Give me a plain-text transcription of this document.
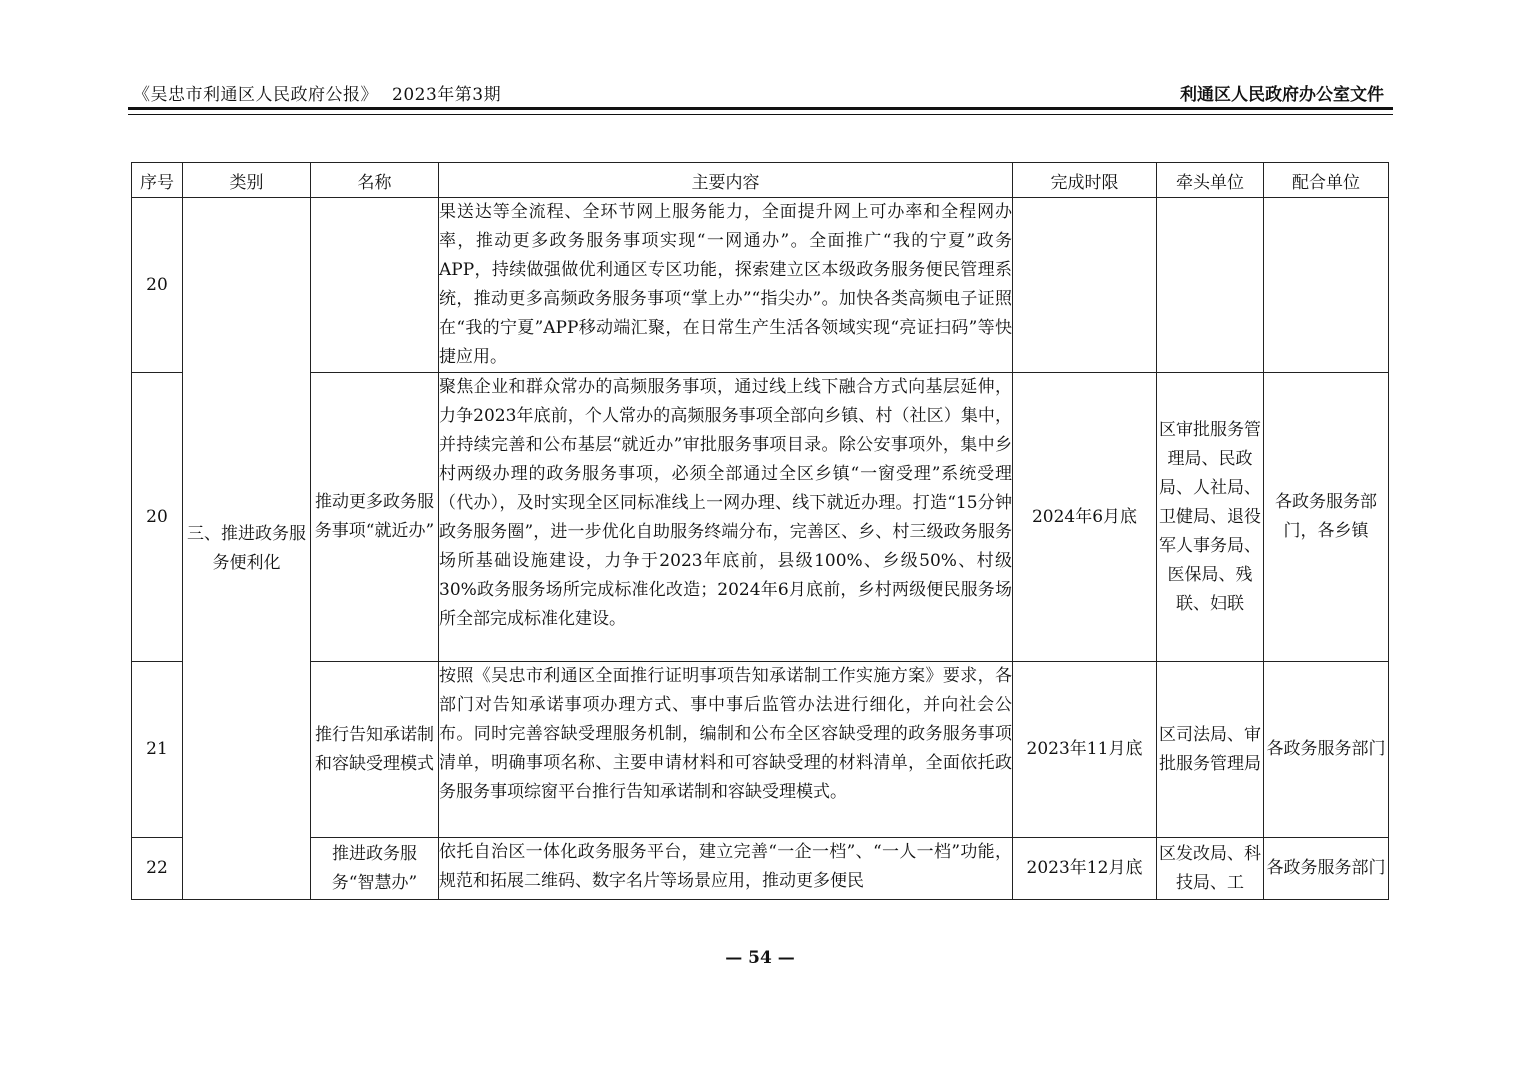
《吴忠市利通区人民政府公报》 2023年第3期	利通区人民政府办公室文件
序号	类别	名称	主要内容	完成时限	牵头单位	配合单位
20	三、推进政务服务便利化		果送达等全流程、全环节网上服务能力，全面提升网上可办率和全程网办率，推动更多政务服务事项实现“一网通办”。全面推广“我的宁夏”政务APP，持续做强做优利通区专区功能，探索建立区本级政务服务便民管理系统，推动更多高频政务服务事项“掌上办”“指尖办”。加快各类高频电子证照在“我的宁夏”APP移动端汇聚，在日常生产生活各领域实现“亮证扫码”等快捷应用。			
20		推动更多政务服务事项“就近办”	聚焦企业和群众常办的高频服务事项，通过线上线下融合方式向基层延伸，力争2023年底前，个人常办的高频服务事项全部向乡镇、村（社区）集中，并持续完善和公布基层“就近办”审批服务事项目录。除公安事项外，集中乡村两级办理的政务服务事项，必须全部通过全区乡镇“一窗受理”系统受理（代办），及时实现全区同标准线上一网办理、线下就近办理。打造“15分钟政务服务圈”，进一步优化自助服务终端分布，完善区、乡、村三级政务服务场所基础设施建设，力争于2023年底前，县级100%、乡级50%、村级30%政务服务场所完成标准化改造；2024年6月底前，乡村两级便民服务场所全部完成标准化建设。	2024年6月底	区审批服务管理局、民政局、人社局、卫健局、退役军人事务局、医保局、残联、妇联	各政务服务部门，各乡镇
21		推行告知承诺制和容缺受理模式	按照《吴忠市利通区全面推行证明事项告知承诺制工作实施方案》要求，各部门对告知承诺事项办理方式、事中事后监管办法进行细化，并向社会公布。同时完善容缺受理服务机制，编制和公布全区容缺受理的政务服务事项清单，明确事项名称、主要申请材料和可容缺受理的材料清单，全面依托政务服务事项综窗平台推行告知承诺制和容缺受理模式。	2023年11月底	区司法局、审批服务管理局	各政务服务部门
22		推进政务服务“智慧办”	依托自治区一体化政务服务平台，建立完善“一企一档”、“一人一档”功能，规范和拓展二维码、数字名片等场景应用，推动更多便民	2023年12月底	区发改局、科技局、工	各政务服务部门
— 54 —
